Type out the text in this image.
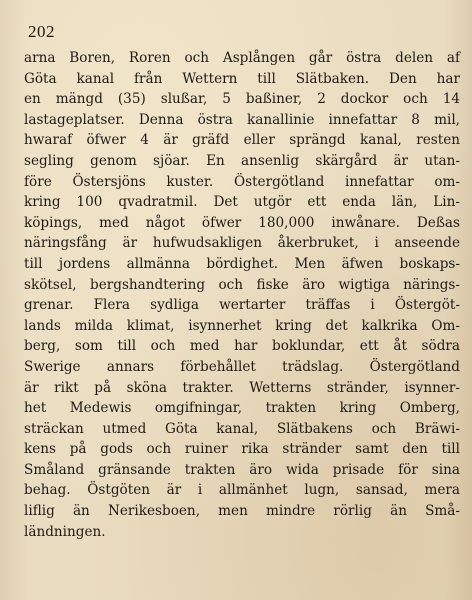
202
arna Boren, Roren och Asplången går östra delen af
Göta kanal från Wettern till Slätbaken. Den har
en mängd (35) slußar, 5 baßiner, 2 dockor och 14
lastageplatser. Denna östra kanallinie innefattar 8 mil,
hwaraf öfwer 4 är gräfd eller sprängd kanal, resten
segling genom sjöar. En ansenlig skärgård är utan-
före Östersjöns kuster. Östergötland innefattar om-
kring 100 qvadratmil. Det utgör ett enda län, Lin-
köpings, med något öfwer 180,000 inwånare. Deßas
näringsfång är hufwudsakligen åkerbruket, i anseende
till jordens allmänna bördighet. Men äfwen boskaps-
skötsel, bergshandtering och fiske äro wigtiga närings-
grenar. Flera sydliga wertarter träffas i Östergöt-
lands milda klimat, isynnerhet kring det kalkrika Om-
berg, som till och med har boklundar, ett åt södra
Swerige annars förbehållet trädslag. Östergötland
är rikt på sköna trakter. Wetterns stränder, isynner-
het Medewis omgifningar, trakten kring Omberg,
sträckan utmed Göta kanal, Slätbakens och Bräwi-
kens på gods och ruiner rika stränder samt den till
Småland gränsande trakten äro wida prisade för sina
behag. Östgöten är i allmänhet lugn, sansad, mera
liflig än Nerikesboen, men mindre rörlig än Små-
ländningen.
